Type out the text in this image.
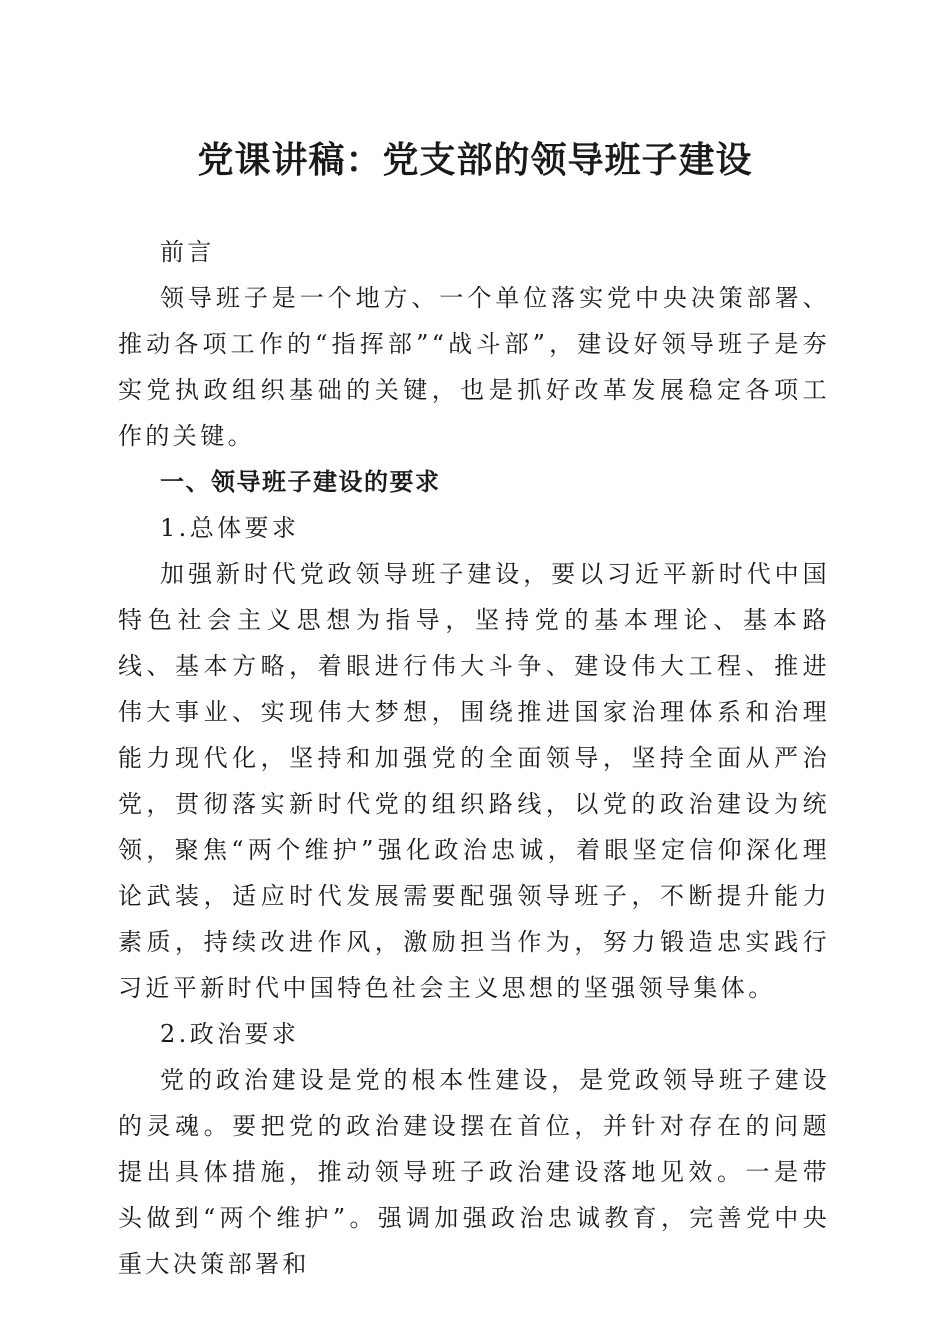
党课讲稿：党支部的领导班子建设

前言

领导班子是一个地方、一个单位落实党中央决策部署、推动各项工作的“指挥部”“战斗部”，建设好领导班子是夯实党执政组织基础的关键，也是抓好改革发展稳定各项工作的关键。

一、领导班子建设的要求

1.总体要求

加强新时代党政领导班子建设，要以习近平新时代中国特色社会主义思想为指导，坚持党的基本理论、基本路线、基本方略，着眼进行伟大斗争、建设伟大工程、推进伟大事业、实现伟大梦想，围绕推进国家治理体系和治理能力现代化，坚持和加强党的全面领导，坚持全面从严治党，贯彻落实新时代党的组织路线，以党的政治建设为统领，聚焦“两个维护”强化政治忠诚，着眼坚定信仰深化理论武装，适应时代发展需要配强领导班子，不断提升能力素质，持续改进作风，激励担当作为，努力锻造忠实践行习近平新时代中国特色社会主义思想的坚强领导集体。

2.政治要求

党的政治建设是党的根本性建设，是党政领导班子建设的灵魂。要把党的政治建设摆在首位，并针对存在的问题提出具体措施，推动领导班子政治建设落地见效。一是带头做到“两个维护”。强调加强政治忠诚教育，完善党中央重大决策部署和
